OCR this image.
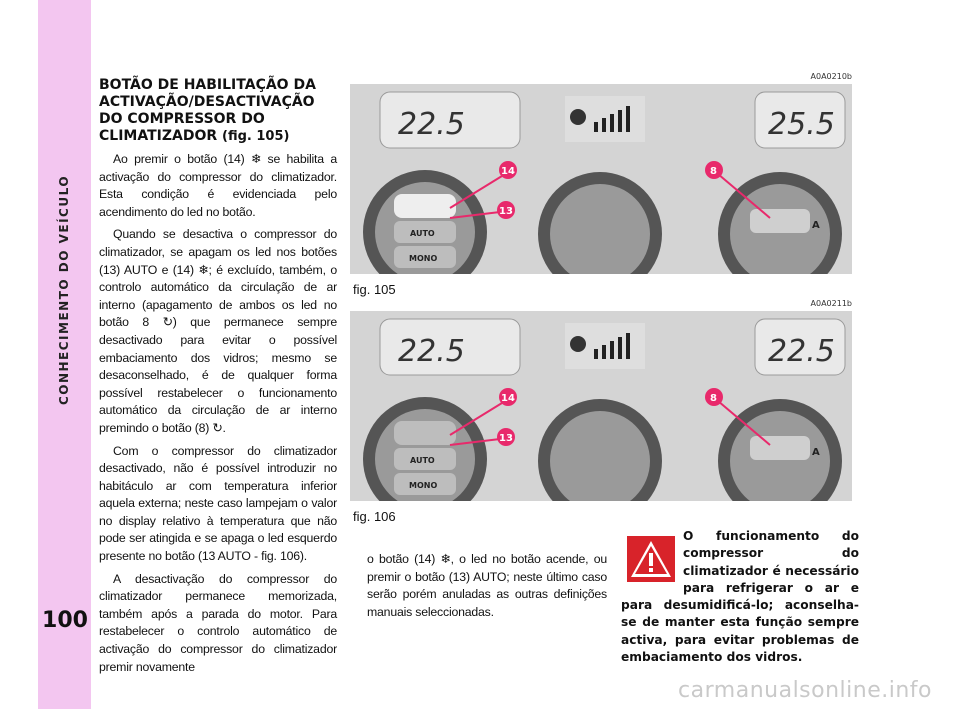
CONHECIMENTO DO VEÍCULO
100
BOTÃO DE HABILITAÇÃO DA ACTIVAÇÃO/DESACTIVAÇÃO DO COMPRESSOR DO CLIMATIZADOR (fig. 105)

Ao premir o botão (14) ❄ se habilita a activação do compressor do climatizador. Esta condição é evidenciada pelo acendimento do led no botão.

Quando se desactiva o compressor do climatizador, se apagam os led nos botões (13) AUTO e (14) ❄; é excluído, também, o controlo automático da circulação de ar interno (apagamento de ambos os led no botão 8 ↻) que permanece sempre desactivado para evitar o possível embaciamento dos vidros; mesmo se desaconselhado, é de qualquer forma possível restabelecer o funcionamento automático da circulação de ar interno premindo o botão (8) ↻.

Com o compressor do climatizador desactivado, não é possível introduzir no habitáculo ar com temperatura inferior aquela externa; neste caso lampejam o valor no display relativo à temperatura que não pode ser atingida e se apaga o led esquerdo presente no botão (13 AUTO - fig. 106).

A desactivação do compressor do climatizador permanece memorizada, também após a parada do motor. Para restabelecer o controlo automático de activação do compressor do climatizador premir novamente

A0A0210b
22.5	25.5
AUTO
MONO
A
14
13
8
fig. 105
A0A0211b
22.5	22.5
AUTO
MONO
A
14
13
8
fig. 106

o botão (14) ❄, o led no botão acende, ou premir o botão (13) AUTO; neste último caso serão porém anuladas as outras definições manuais seleccionadas.

O funcionamento do compressor do climatizador é necessário para refrigerar o ar e para desumidificá-lo; aconselha-se de manter esta função sempre activa, para evitar problemas de embaciamento dos vidros.

carmanualsonline.info
